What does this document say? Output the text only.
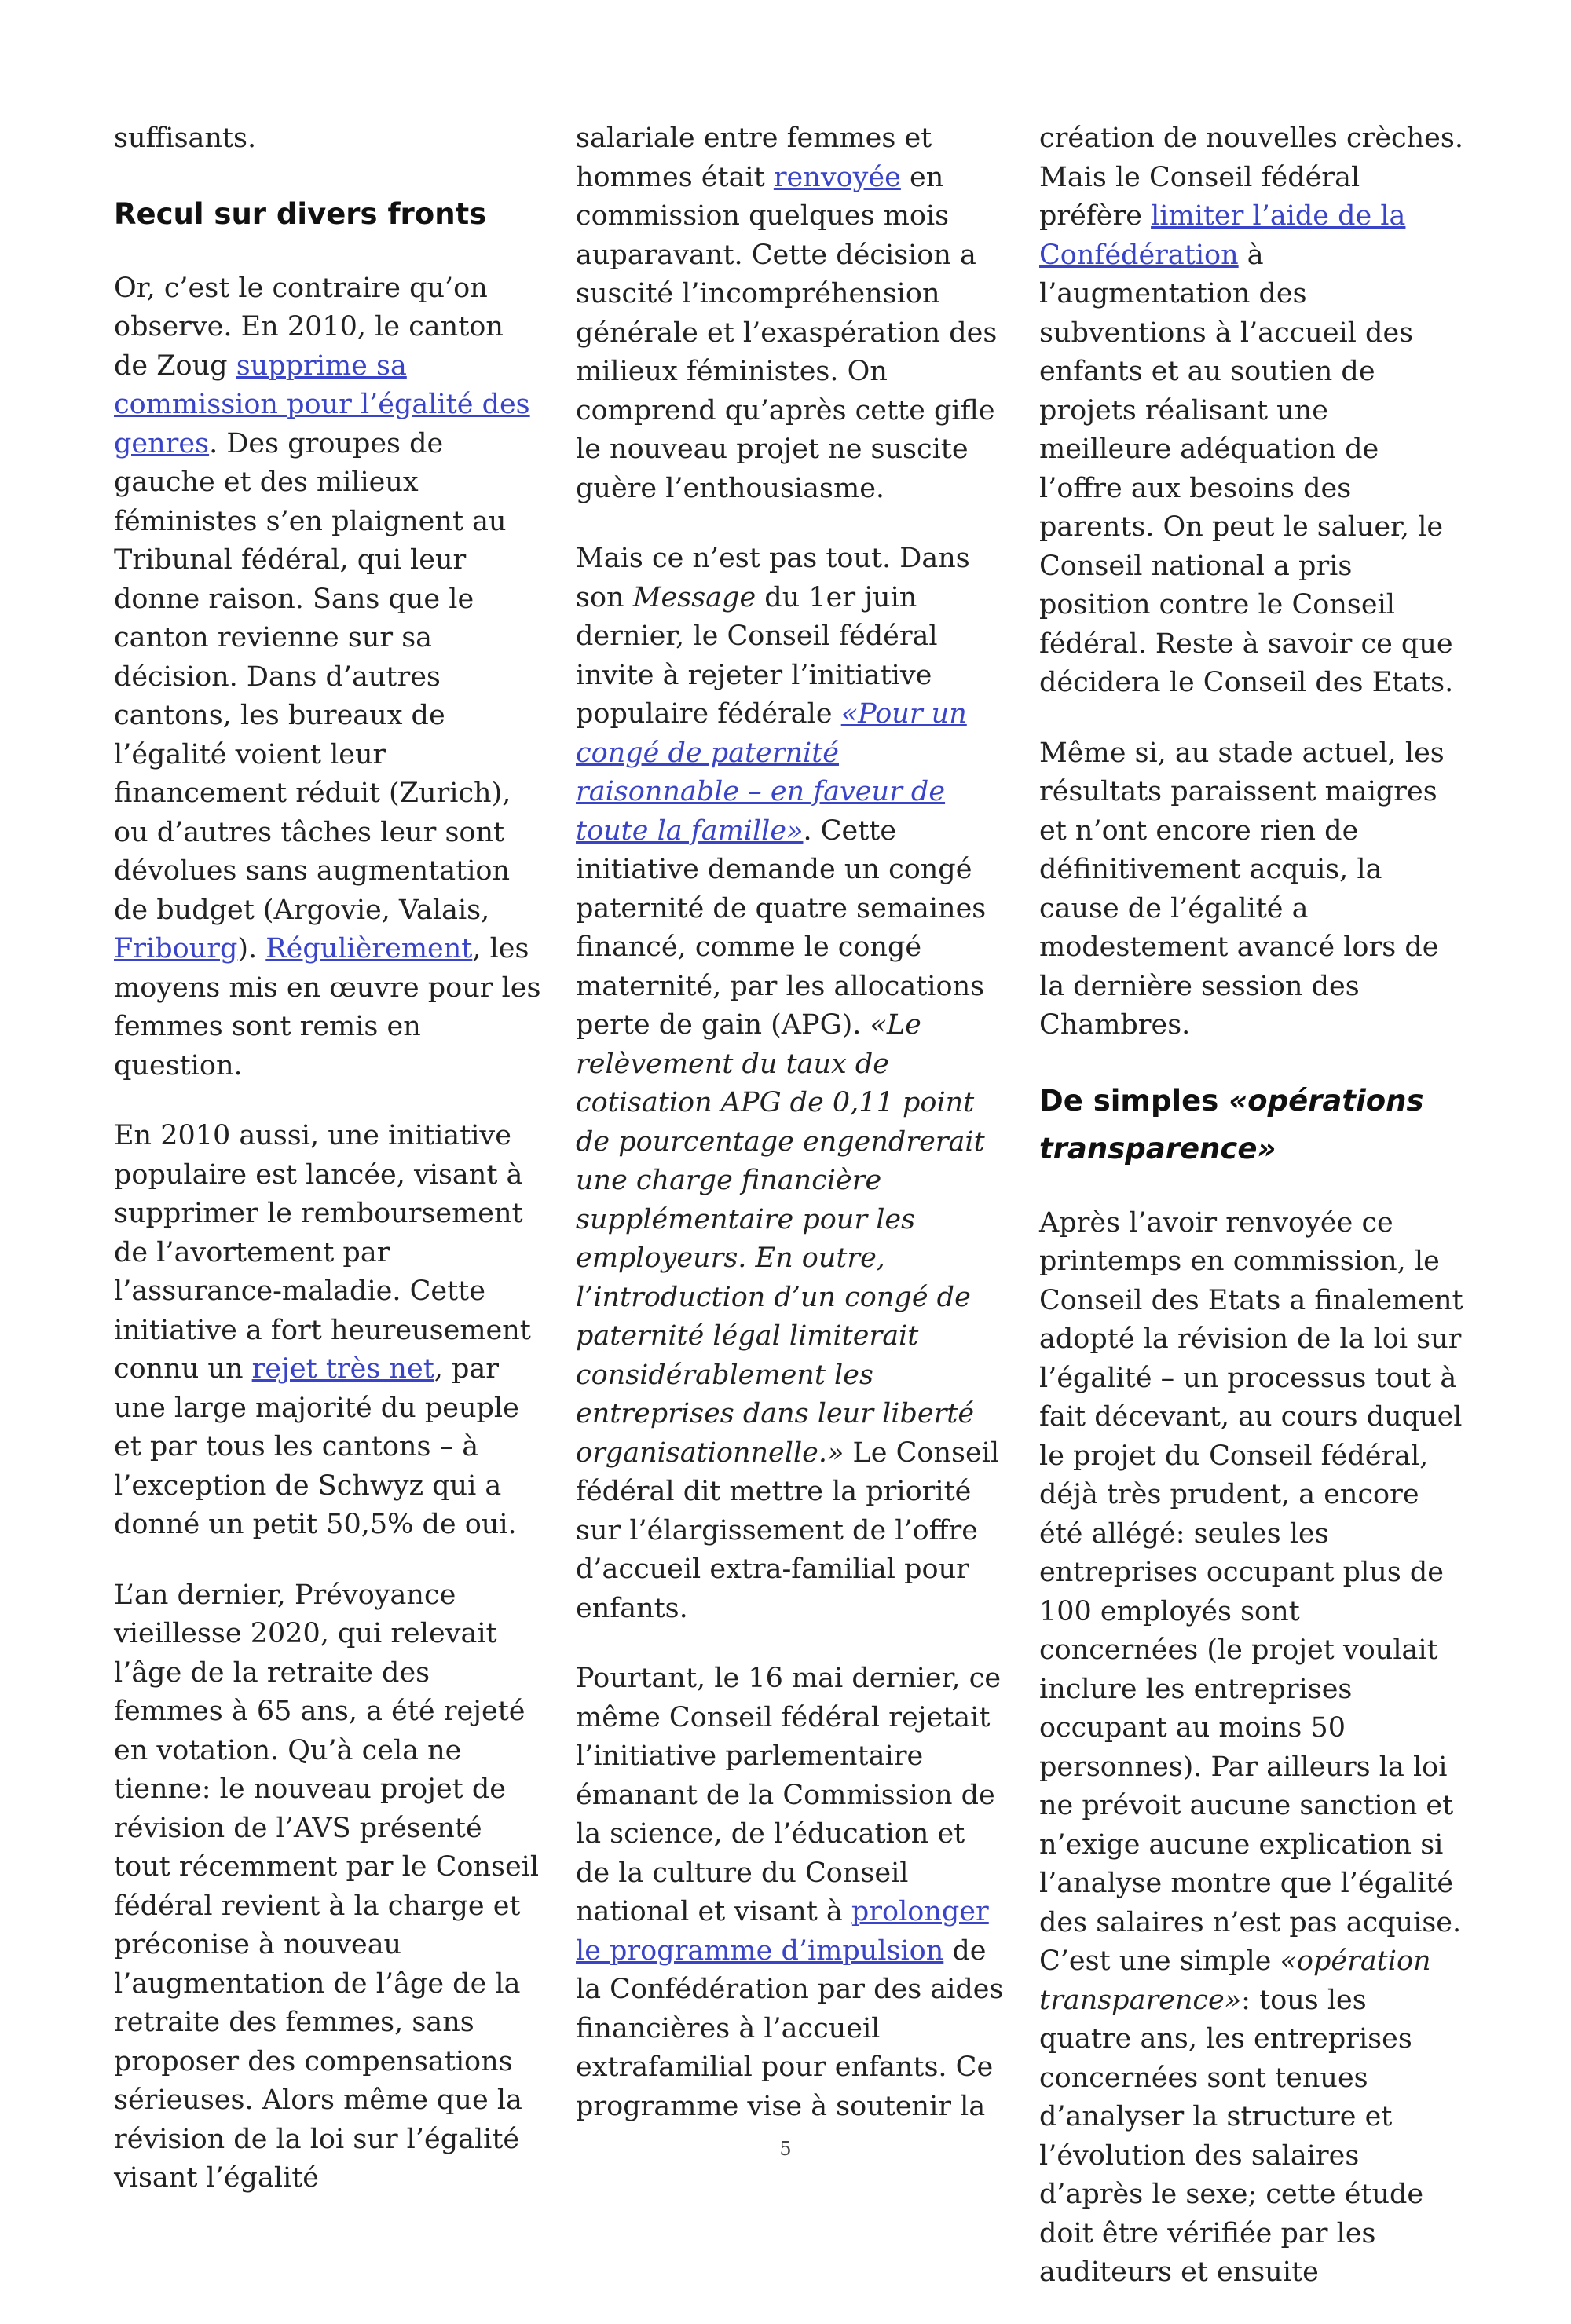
suffisants.

Recul sur divers fronts

Or, c’est le contraire qu’on observe. En 2010, le canton de Zoug supprime sa commission pour l’égalité des genres. Des groupes de gauche et des milieux féministes s’en plaignent au Tribunal fédéral, qui leur donne raison. Sans que le canton revienne sur sa décision. Dans d’autres cantons, les bureaux de l’égalité voient leur financement réduit (Zurich), ou d’autres tâches leur sont dévolues sans augmentation de budget (Argovie, Valais, Fribourg). Régulièrement, les moyens mis en œuvre pour les femmes sont remis en question.

En 2010 aussi, une initiative populaire est lancée, visant à supprimer le remboursement de l’avortement par l’assurance-maladie. Cette initiative a fort heureusement connu un rejet très net, par une large majorité du peuple et par tous les cantons – à l’exception de Schwyz qui a donné un petit 50,5% de oui.

L’an dernier, Prévoyance vieillesse 2020, qui relevait l’âge de la retraite des femmes à 65 ans, a été rejeté en votation. Qu’à cela ne tienne: le nouveau projet de révision de l’AVS présenté tout récemment par le Conseil fédéral revient à la charge et préconise à nouveau l’augmentation de l’âge de la retraite des femmes, sans proposer des compensations sérieuses. Alors même que la révision de la loi sur l’égalité visant l’égalité

salariale entre femmes et hommes était renvoyée en commission quelques mois auparavant. Cette décision a suscité l’incompréhension générale et l’exaspération des milieux féministes. On comprend qu’après cette gifle le nouveau projet ne suscite guère l’enthousiasme.

Mais ce n’est pas tout. Dans son Message du 1er juin dernier, le Conseil fédéral invite à rejeter l’initiative populaire fédérale «Pour un congé de paternité raisonnable – en faveur de toute la famille». Cette initiative demande un congé paternité de quatre semaines financé, comme le congé maternité, par les allocations perte de gain (APG). «Le relèvement du taux de cotisation APG de 0,11 point de pourcentage engendrerait une charge financière supplémentaire pour les employeurs. En outre, l’introduction d’un congé de paternité légal limiterait considérablement les entreprises dans leur liberté organisationnelle.» Le Conseil fédéral dit mettre la priorité sur l’élargissement de l’offre d’accueil extra-familial pour enfants.

Pourtant, le 16 mai dernier, ce même Conseil fédéral rejetait l’initiative parlementaire émanant de la Commission de la science, de l’éducation et de la culture du Conseil national et visant à prolonger le programme d’impulsion de la Confédération par des aides financières à l’accueil extrafamilial pour enfants. Ce programme vise à soutenir la

création de nouvelles crèches. Mais le Conseil fédéral préfère limiter l’aide de la Confédération à l’augmentation des subventions à l’accueil des enfants et au soutien de projets réalisant une meilleure adéquation de l’offre aux besoins des parents. On peut le saluer, le Conseil national a pris position contre le Conseil fédéral. Reste à savoir ce que décidera le Conseil des Etats.

Même si, au stade actuel, les résultats paraissent maigres et n’ont encore rien de définitivement acquis, la cause de l’égalité a modestement avancé lors de la dernière session des Chambres.

De simples «opérations transparence»

Après l’avoir renvoyée ce printemps en commission, le Conseil des Etats a finalement adopté la révision de la loi sur l’égalité – un processus tout à fait décevant, au cours duquel le projet du Conseil fédéral, déjà très prudent, a encore été allégé: seules les entreprises occupant plus de 100 employés sont concernées (le projet voulait inclure les entreprises occupant au moins 50 personnes). Par ailleurs la loi ne prévoit aucune sanction et n’exige aucune explication si l’analyse montre que l’égalité des salaires n’est pas acquise. C’est une simple «opération transparence»: tous les quatre ans, les entreprises concernées sont tenues d’analyser la structure et l’évolution des salaires d’après le sexe; cette étude doit être vérifiée par les auditeurs et ensuite

5
